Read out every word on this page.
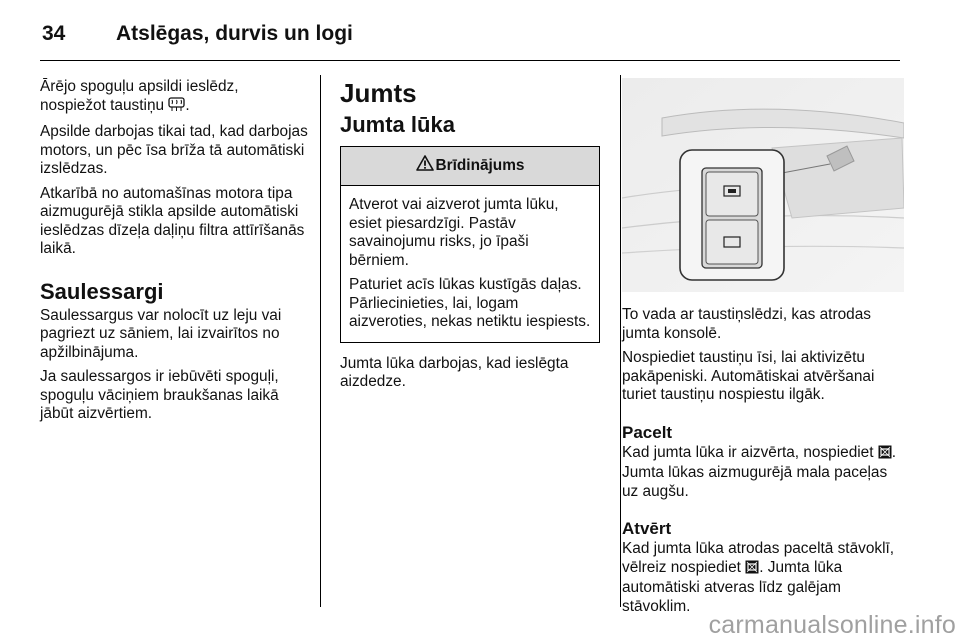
34	Atslēgas, durvis un logi

Ārējo spoguļu apsildi ieslēdz, nospiežot taustiņu .

Apsilde darbojas tikai tad, kad darbojas motors, un pēc īsa brīža tā automātiski izslēdzas.

Atkarībā no automašīnas motora tipa aizmugurējā stikla apsilde automātiski ieslēdzas dīzeļa daļiņu filtra attīrīšanās laikā.

Saulessargi

Saulessargus var nolocīt uz leju vai pagriezt uz sāniem, lai izvairītos no apžilbinājuma.

Ja saulessargos ir iebūvēti spoguļi, spoguļu vāciņiem braukšanas laikā jābūt aizvērtiem.

Jumts
Jumta lūka
Brīdinājums

Atverot vai aizverot jumta lūku, esiet piesardzīgi. Pastāv savainojumu risks, jo īpaši bērniem.

Paturiet acīs lūkas kustīgās daļas. Pārliecinieties, lai, logam aizveroties, nekas netiktu iespiests.

Jumta lūka darbojas, kad ieslēgta aizdedze.

To vada ar taustiņslēdzi, kas atrodas jumta konsolē.

Nospiediet taustiņu īsi, lai aktivizētu pakāpeniski. Automātiskai atvēršanai turiet taustiņu nospiestu ilgāk.

Pacelt

Kad jumta lūka ir aizvērta, nospiediet . Jumta lūkas aizmugurējā mala paceļas uz augšu.

Atvērt

Kad jumta lūka atrodas paceltā stāvoklī, vēlreiz nospiediet . Jumta lūka automātiski atveras līdz galējam stāvoklim.

carmanualsonline.info
